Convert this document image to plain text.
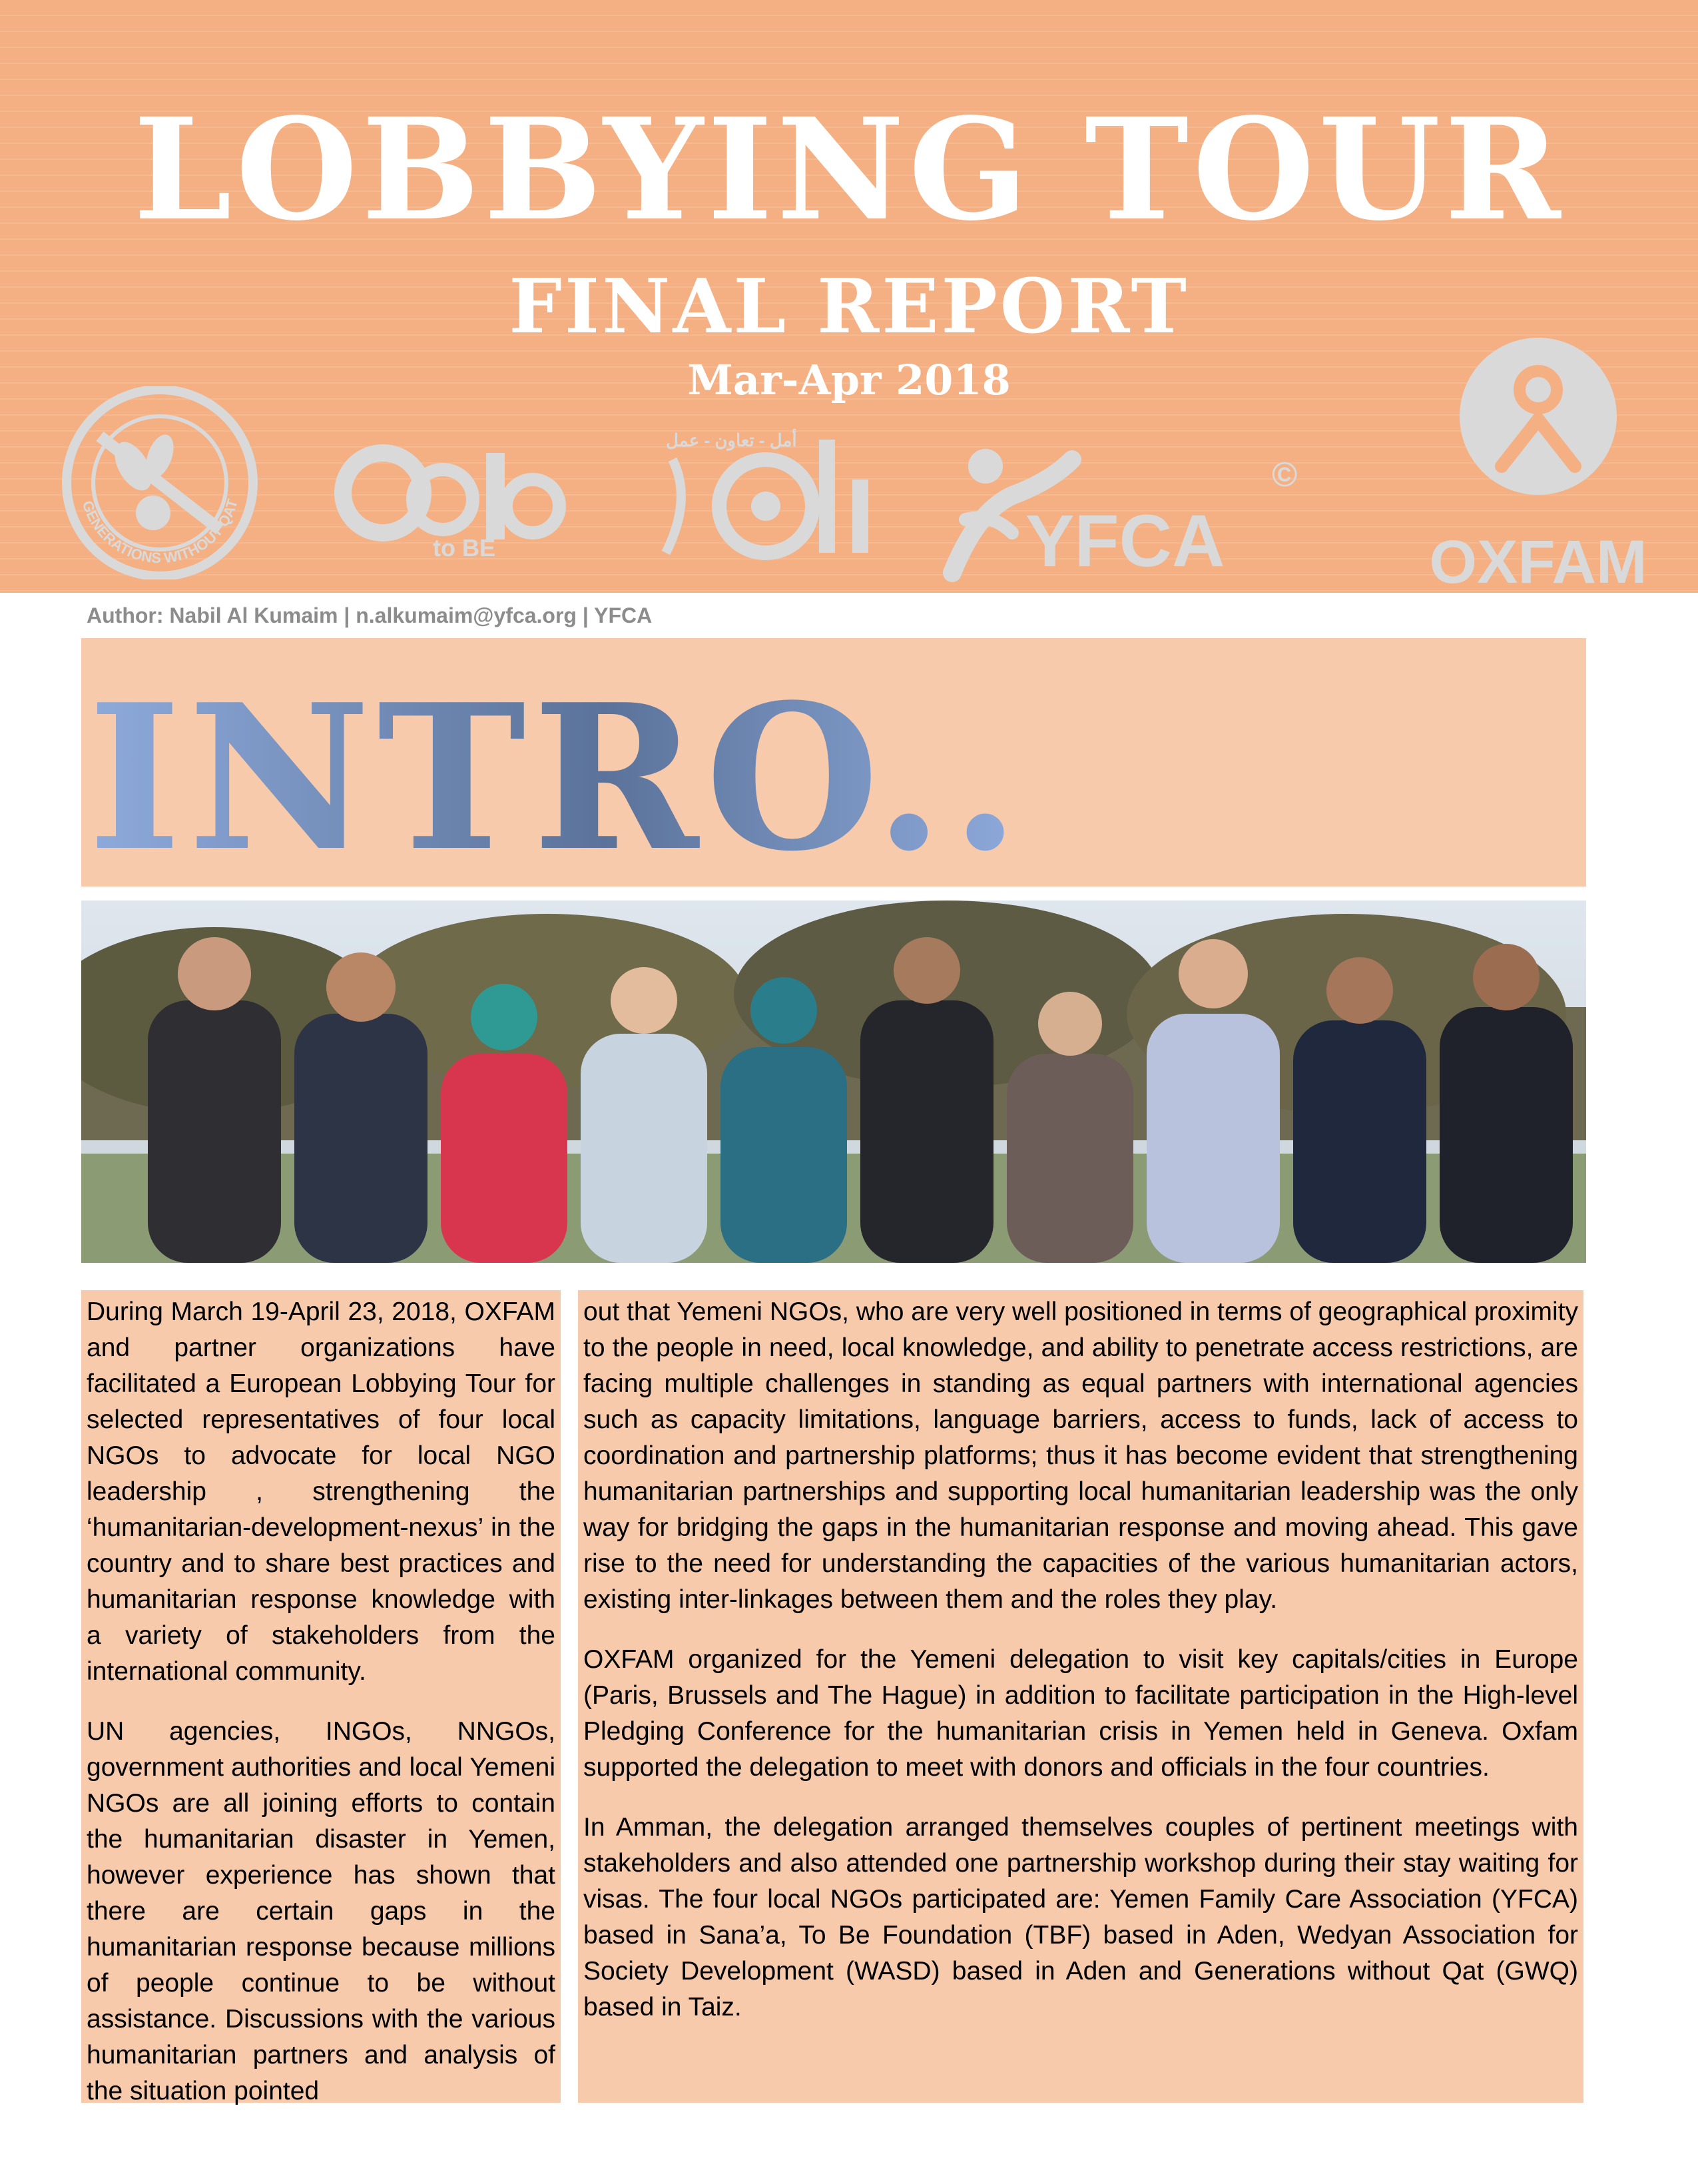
LOBBYING TOUR
FINAL REPORT
Mar-Apr 2018
GENERATIONS WITHOUT QAT
to BE
أمل - تعاون - عمل
YFCA
©
OXFAM
Author: Nabil Al Kumaim | n.alkumaim@yfca.org | YFCA
INTRO..

During March 19-April 23, 2018, OXFAM and partner organizations have facilitated a European Lobbying Tour for selected representatives of four local NGOs to advocate for local NGO leadership , strengthening the ‘humanitarian-development-nexus’ in the country and to share best practices and humanitarian response knowledge with a variety of stakeholders from the international community.

UN agencies, INGOs, NNGOs, government authorities and local Yemeni NGOs are all joining efforts to contain the humanitarian disaster in Yemen, however experience has shown that there are certain gaps in the humanitarian response because millions of people continue to be without assistance. Discussions with the various humanitarian partners and analysis of the situation pointed

out that Yemeni NGOs, who are very well positioned in terms of geographical proximity to the people in need, local knowledge, and ability to penetrate access restrictions, are facing multiple challenges in standing as equal partners with international agencies such as capacity limitations, language barriers, access to funds, lack of access to coordination and partnership platforms; thus it has become evident that strengthening humanitarian partnerships and supporting local humanitarian leadership was the only way for bridging the gaps in the humanitarian response and moving ahead. This gave rise to the need for understanding the capacities of the various humanitarian actors, existing inter-linkages between them and the roles they play.

OXFAM organized for the Yemeni delegation to visit key capitals/cities in Europe (Paris, Brussels and The Hague) in addition to facilitate participation in the High-level Pledging Conference for the humanitarian crisis in Yemen held in Geneva. Oxfam supported the delegation to meet with donors and officials in the four countries.

In Amman, the delegation arranged themselves couples of pertinent meetings with stakeholders and also attended one partnership workshop during their stay waiting for visas. The four local NGOs participated are: Yemen Family Care Association (YFCA) based in Sana’a, To Be Foundation (TBF) based in Aden, Wedyan Association for Society Development (WASD) based in Aden and Generations without Qat (GWQ) based in Taiz.
